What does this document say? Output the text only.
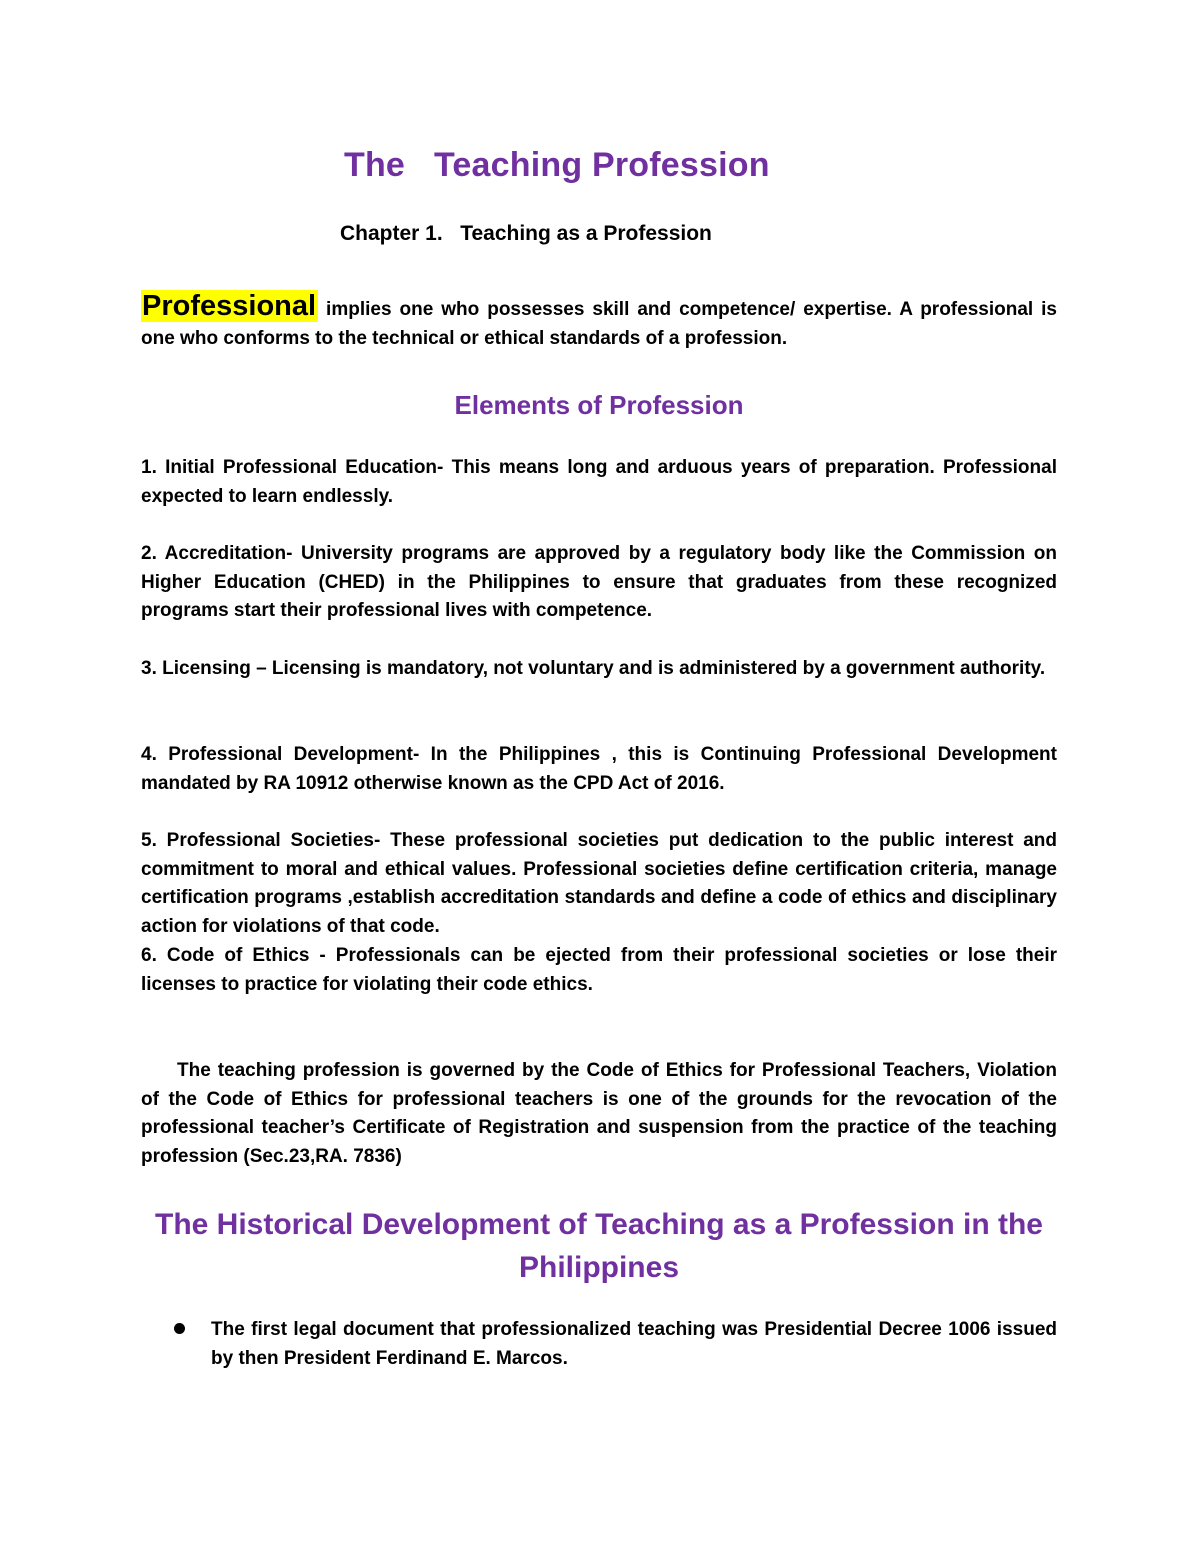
The   Teaching Profession
Chapter 1.   Teaching as a Profession
Professional implies one who possesses skill and competence/ expertise. A professional is one who conforms to the technical or ethical standards of a profession.
Elements of Profession
1. Initial Professional Education- This means long and arduous years of preparation. Professional expected to learn endlessly.
2. Accreditation- University programs are approved by a regulatory body like the Commission on Higher Education (CHED) in the Philippines to ensure that graduates from these recognized programs start their professional lives with competence.
3. Licensing – Licensing is mandatory, not voluntary and is administered by a government authority.
4. Professional Development- In the Philippines , this is Continuing Professional Development mandated by RA 10912 otherwise known as the CPD Act of 2016.
5. Professional Societies- These professional societies put dedication to the public interest and commitment to moral and ethical values. Professional societies define certification criteria, manage certification programs ,establish accreditation standards and define a code of ethics and disciplinary action for violations of that code.
6. Code of Ethics - Professionals can be ejected from their professional societies or lose their licenses to practice for violating their code ethics.
The teaching profession is governed by the Code of Ethics for Professional Teachers, Violation of the Code of Ethics for professional teachers is one of the grounds for the revocation of the professional teacher’s Certificate of Registration and suspension from the practice of the teaching profession (Sec.23,RA. 7836)
The Historical Development of Teaching as a Profession in the Philippines
The first legal document that professionalized teaching was Presidential Decree 1006 issued by then President Ferdinand E. Marcos.
